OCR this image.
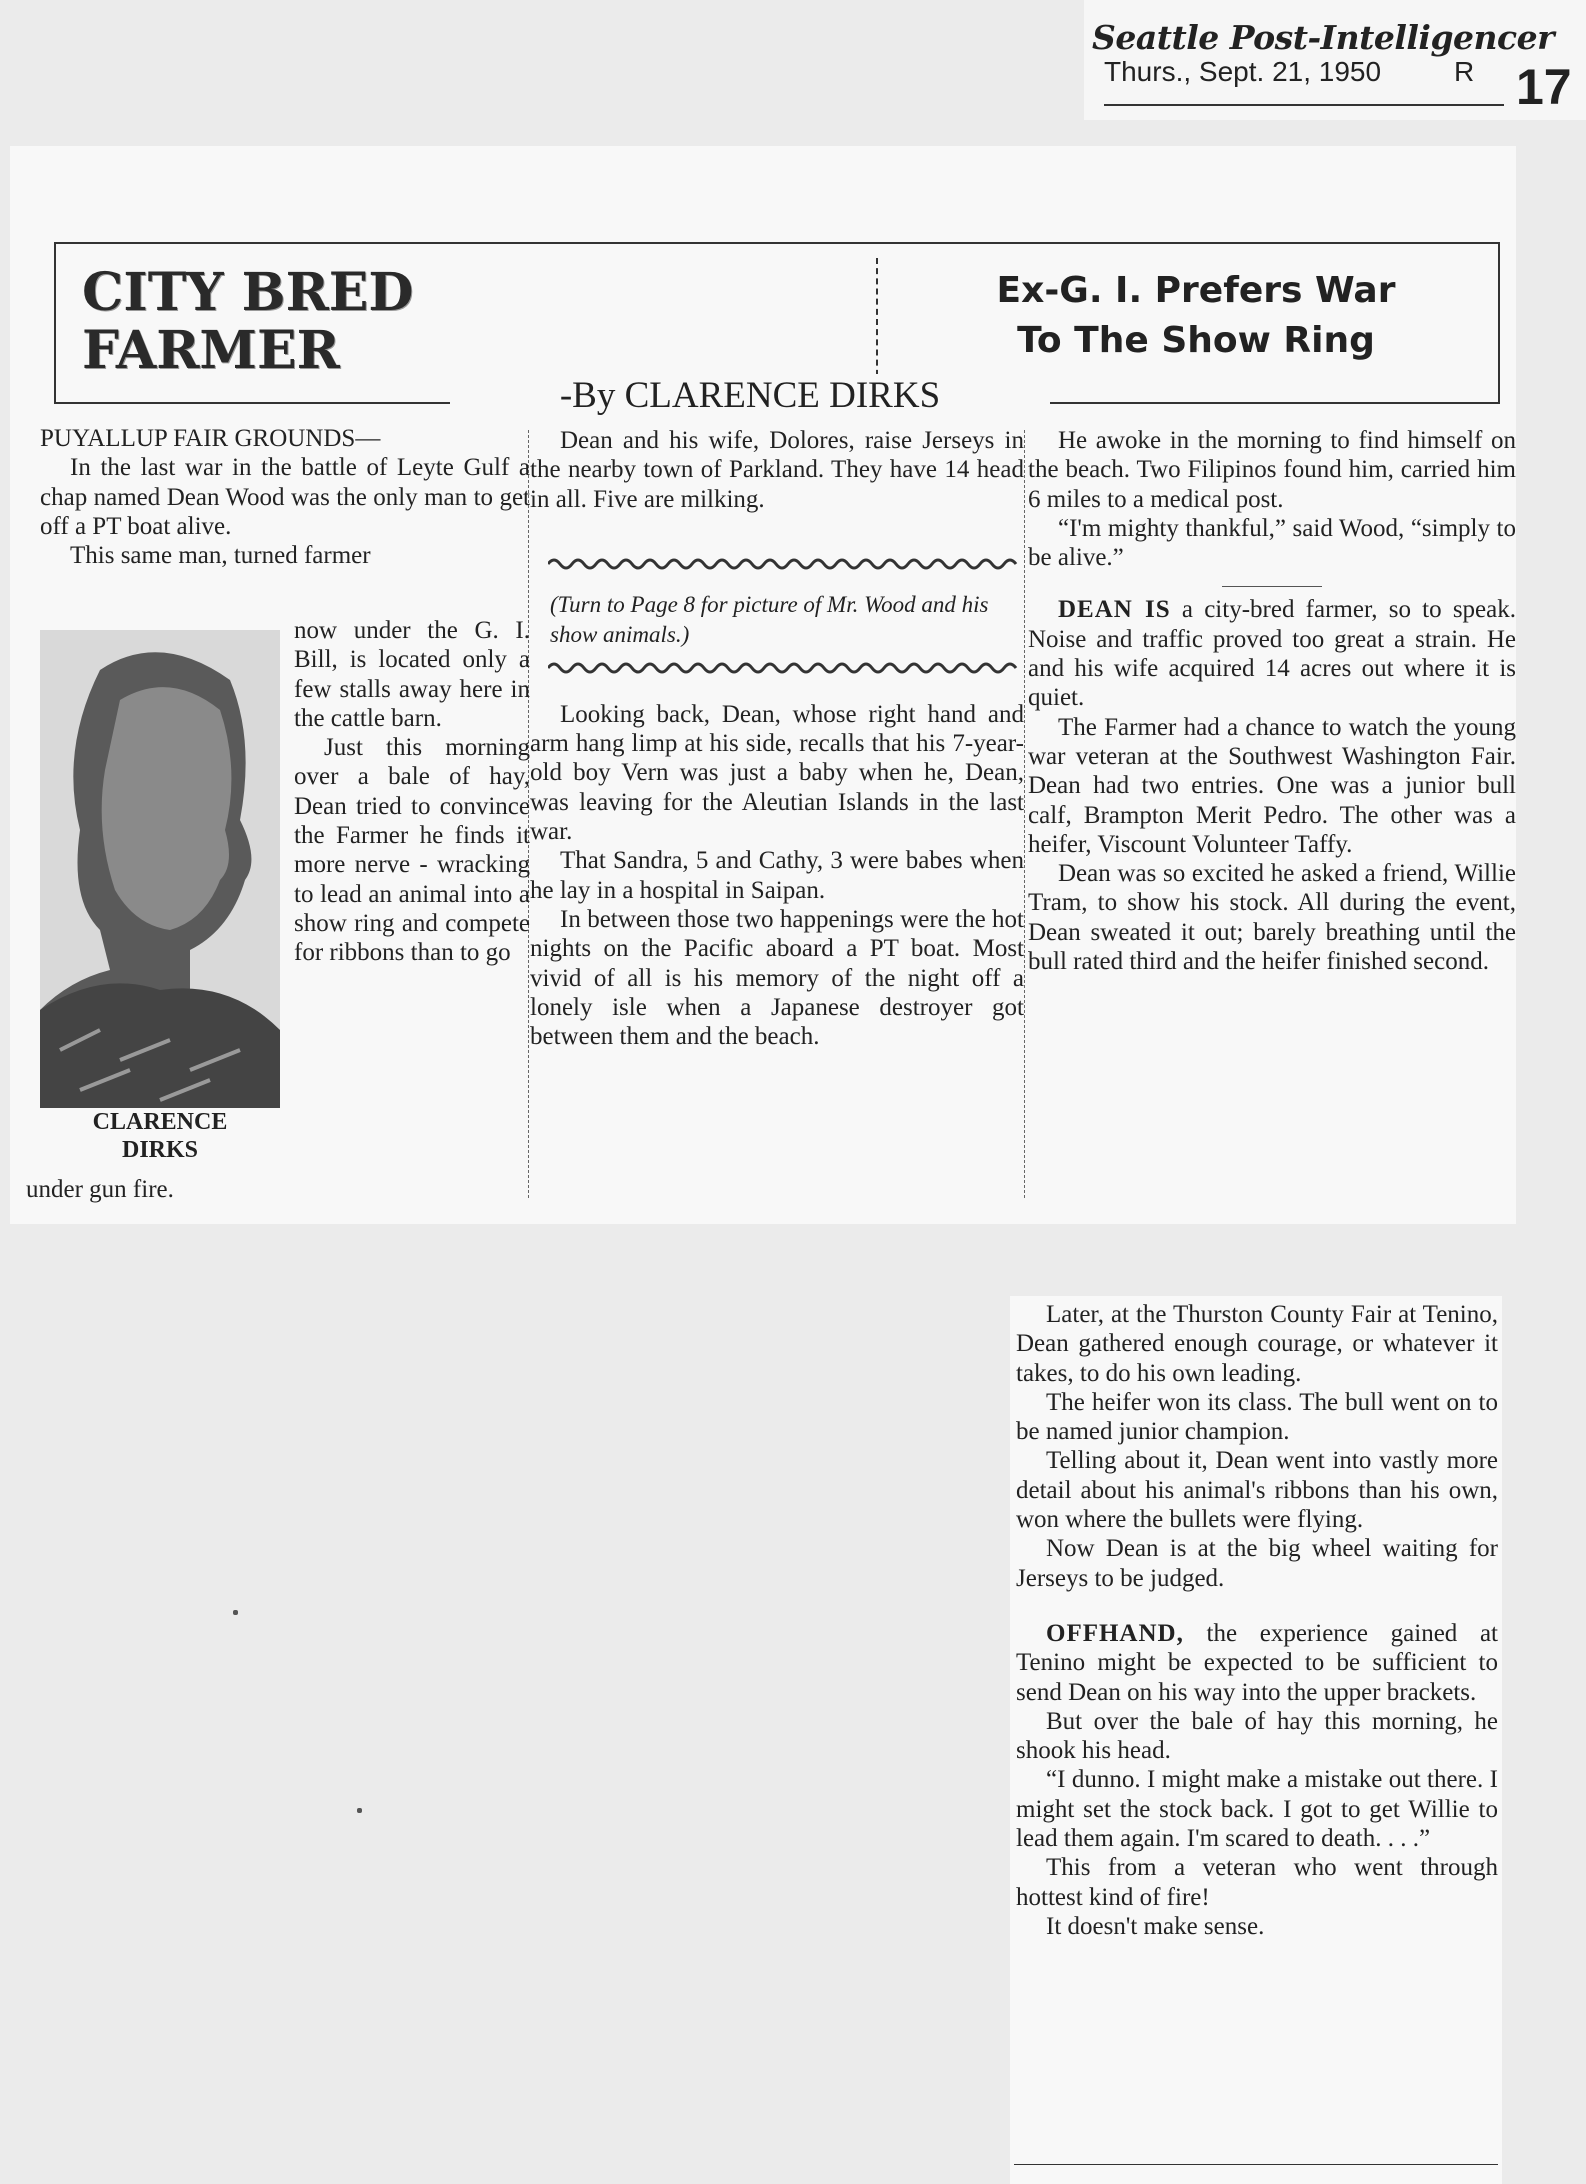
Seattle Post-Intelligencer
Thurs., Sept. 21, 1950	R 17
CITY BRED
FARMER
Ex-G. I. Prefers War
To The Show Ring
-By CLARENCE DIRKS

PUYALLUP FAIR GROUNDS—

In the last war in the battle of Leyte Gulf a chap named Dean Wood was the only man to get off a PT boat alive.

This same man, turned farmer

CLARENCE
DIRKS

now under the G. I. Bill, is located only a few stalls away here in the cattle barn.

Just this morning over a bale of hay, Dean tried to convince the Farmer he finds it more nerve - wracking to lead an animal into a show ring and compete for ribbons than to go

under gun fire.

Dean and his wife, Dolores, raise Jerseys in the nearby town of Parkland. They have 14 head in all. Five are milking.

Looking back, Dean, whose right hand and arm hang limp at his side, recalls that his 7-year-old boy Vern was just a baby when he, Dean, was leaving for the Aleutian Islands in the last war.

That Sandra, 5 and Cathy, 3 were babes when he lay in a hospital in Saipan.

In between those two happenings were the hot nights on the Pacific aboard a PT boat. Most vivid of all is his memory of the night off a lonely isle when a Japanese destroyer got between them and the beach.

(Turn to Page 8 for picture of Mr. Wood and his show animals.)

He awoke in the morning to find himself on the beach. Two Filipinos found him, carried him 6 miles to a medical post.

“I'm mighty thankful,” said Wood, “simply to be alive.”

DEAN IS a city-bred farmer, so to speak. Noise and traffic proved too great a strain. He and his wife acquired 14 acres out where it is quiet.

The Farmer had a chance to watch the young war veteran at the Southwest Washington Fair. Dean had two entries. One was a junior bull calf, Brampton Merit Pedro. The other was a heifer, Viscount Volunteer Taffy.

Dean was so excited he asked a friend, Willie Tram, to show his stock. All during the event, Dean sweated it out; barely breathing until the bull rated third and the heifer finished second.

Later, at the Thurston County Fair at Tenino, Dean gathered enough courage, or whatever it takes, to do his own leading.

The heifer won its class. The bull went on to be named junior champion.

Telling about it, Dean went into vastly more detail about his animal's ribbons than his own, won where the bullets were flying.

Now Dean is at the big wheel waiting for Jerseys to be judged.

OFFHAND, the experience gained at Tenino might be expected to be sufficient to send Dean on his way into the upper brackets.

But over the bale of hay this morning, he shook his head.

“I dunno. I might make a mistake out there. I might set the stock back. I got to get Willie to lead them again. I'm scared to death. . . .”

This from a veteran who went through hottest kind of fire!

It doesn't make sense.
